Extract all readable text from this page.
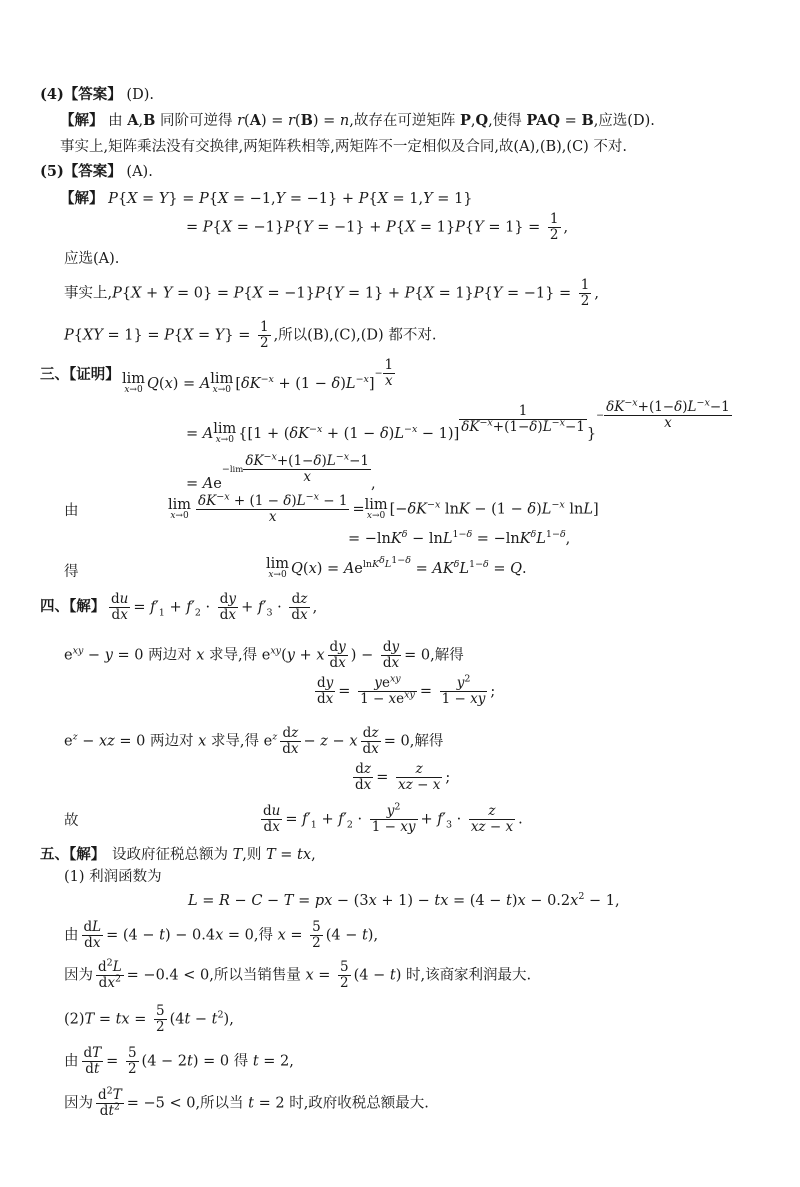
(4)【答案】 (D).
【解】 由 A,B 同阶可逆得 r(A) = r(B) = n,故存在可逆矩阵 P,Q,使得 PAQ = B,应选(D).
事实上,矩阵乘法没有交换律,两矩阵秩相等,两矩阵不一定相似及合同,故(A),(B),(C) 不对.
(5)【答案】 (A).
【解】 P{X = Y} = P{X = −1,Y = −1} + P{X = 1,Y = 1}
= $P\{X = -1\}P\{Y = -1\} + P\{X = 1\}P\{Y = 1\} = \frac{1}{2}$ ,
应选(A).
事实上$,P\{X + Y = 0\} = P\{X = -1\}P\{Y = 1\} + P\{X = 1\}P\{Y = -1\} = \frac{1}{2}$ ,
$P\{XY = 1\} = P\{X = Y\} = \frac{1}{2}$ ,所以(B),(C),(D) 都不对.
三、【证明】 lim
x→0 Q(x) = A lim
x→0 $[\delta K^{-x} + (1 - \delta)L^{-x}]^{- \frac{1}{x}}$
= A lim
x→0 {$[1 + (\delta K^{-x} + (1 - \delta)L^{-x} - 1)]$ $^{\frac{1}{\delta K^{-x}+(1-\delta)L^{-x}-1}}$ }$^{- \frac{\delta K^{-x}+(1-\delta)L^{-x}-1}{x}}$
= $Ae^{-lim \frac{\delta K^{-x}+(1-\delta)L^{-x}-1}{x}}$ ,
由	lim
$x\to 0 \frac{\delta K^{-x} + (1 - \delta)L^{-x} - 1}{x} = \lim$
x→0 [$-\delta K^{-x}$ $\ln K - (1 - \delta)L^{-x}$ lnL]
= $-\ln K^\delta - \ln L^{1-\delta} = -\ln K^\delta L^{1-\delta}$,
得	lim
x→0 $Q(x) = Ae^{lnK^\delta L^{1-\delta}} = AK^\delta L^{1-\delta} = Q$.
四、【解】 $\frac{du}{dx} = f'_1 + f'_2 \cdot \frac{dy}{dx} + f'_3 \cdot \frac{dz}{dx}$ ,
$e^{xy} - y = 0$ 两边对 x 求导,得 $e^{xy}(y + x \frac{dy}{dx}$ ) − $\frac{dy}{dx} = 0$,解得
$\frac{dy}{dx} = \frac{ye^{xy}}{1 - xe^{xy}} = \frac{y^2}{1 - xy}$ ;
$e^z$ − xz = 0 两边对 x 求导,得 $e^z \frac{dz}{dx} - z - x \frac{dz}{dx} = 0$,解得
$\frac{dz}{dx} = \frac{z}{xz - x}$ ;
故	$\frac{du}{dx} = f'_1 + f'_2 \cdot \frac{y^2}{1 - xy} + f'_3 \cdot \frac{z}{xz - x}$ .
五、【解】 设政府征税总额为 T,则 T = tx,
(1) 利润函数为
L = R − C − T = px − (3x + 1) − tx = $(4 - t)x - 0.2x^2 - 1$,
由 $\frac{dL}{dx} = (4 - t) - 0.4x = 0$,得 $x = \frac{5}{2} (4 - t)$,
因为 $\frac{d^2L}{dx^2} = -0.4 < 0$,所以当销售量 $x = \frac{5}{2} (4 - t)$ 时,该商家利润最大.
(2)T = tx = $\frac{5}{2} (4t - t^2)$,
由 $\frac{dT}{dt} = \frac{5}{2} (4 - 2t) = 0$ 得 t = 2,
因为 $\frac{d^2T}{dt^2} = -5 < 0$,所以当 t = 2 时,政府收税总额最大.
